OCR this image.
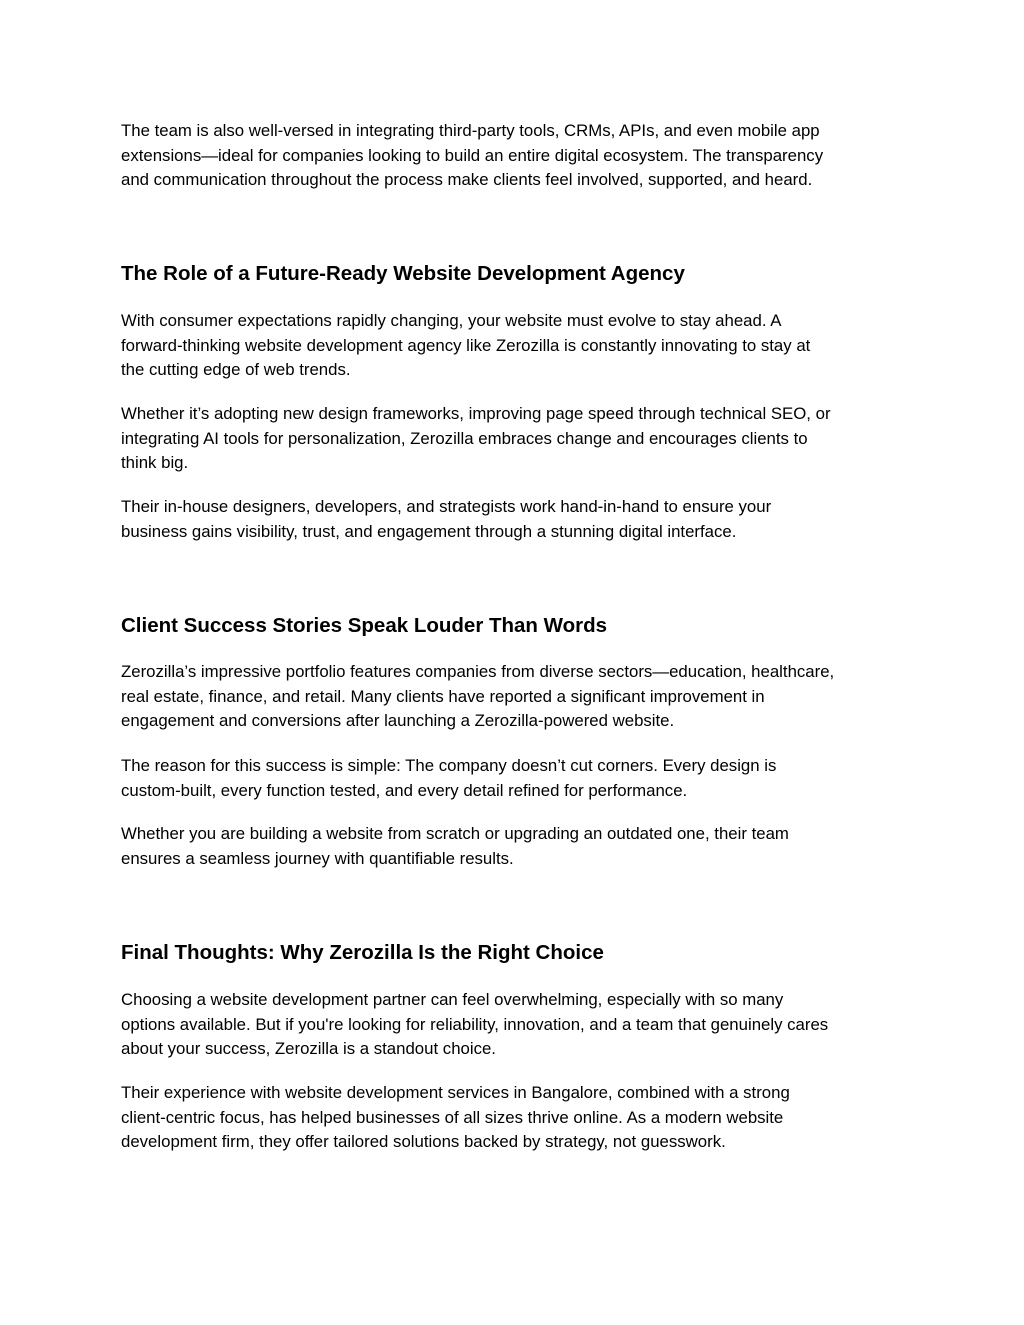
The team is also well-versed in integrating third-party tools, CRMs, APIs, and even mobile app
extensions—ideal for companies looking to build an entire digital ecosystem. The transparency
and communication throughout the process make clients feel involved, supported, and heard.

The Role of a Future-Ready Website Development Agency

With consumer expectations rapidly changing, your website must evolve to stay ahead. A
forward-thinking website development agency like Zerozilla is constantly innovating to stay at
the cutting edge of web trends.

Whether it’s adopting new design frameworks, improving page speed through technical SEO, or
integrating AI tools for personalization, Zerozilla embraces change and encourages clients to
think big.

Their in-house designers, developers, and strategists work hand-in-hand to ensure your
business gains visibility, trust, and engagement through a stunning digital interface.

Client Success Stories Speak Louder Than Words

Zerozilla’s impressive portfolio features companies from diverse sectors—education, healthcare,
real estate, finance, and retail. Many clients have reported a significant improvement in
engagement and conversions after launching a Zerozilla-powered website.

The reason for this success is simple: The company doesn’t cut corners. Every design is
custom-built, every function tested, and every detail refined for performance.

Whether you are building a website from scratch or upgrading an outdated one, their team
ensures a seamless journey with quantifiable results.

Final Thoughts: Why Zerozilla Is the Right Choice

Choosing a website development partner can feel overwhelming, especially with so many
options available. But if you're looking for reliability, innovation, and a team that genuinely cares
about your success, Zerozilla is a standout choice.

Their experience with website development services in Bangalore, combined with a strong
client-centric focus, has helped businesses of all sizes thrive online. As a modern website
development firm, they offer tailored solutions backed by strategy, not guesswork.
